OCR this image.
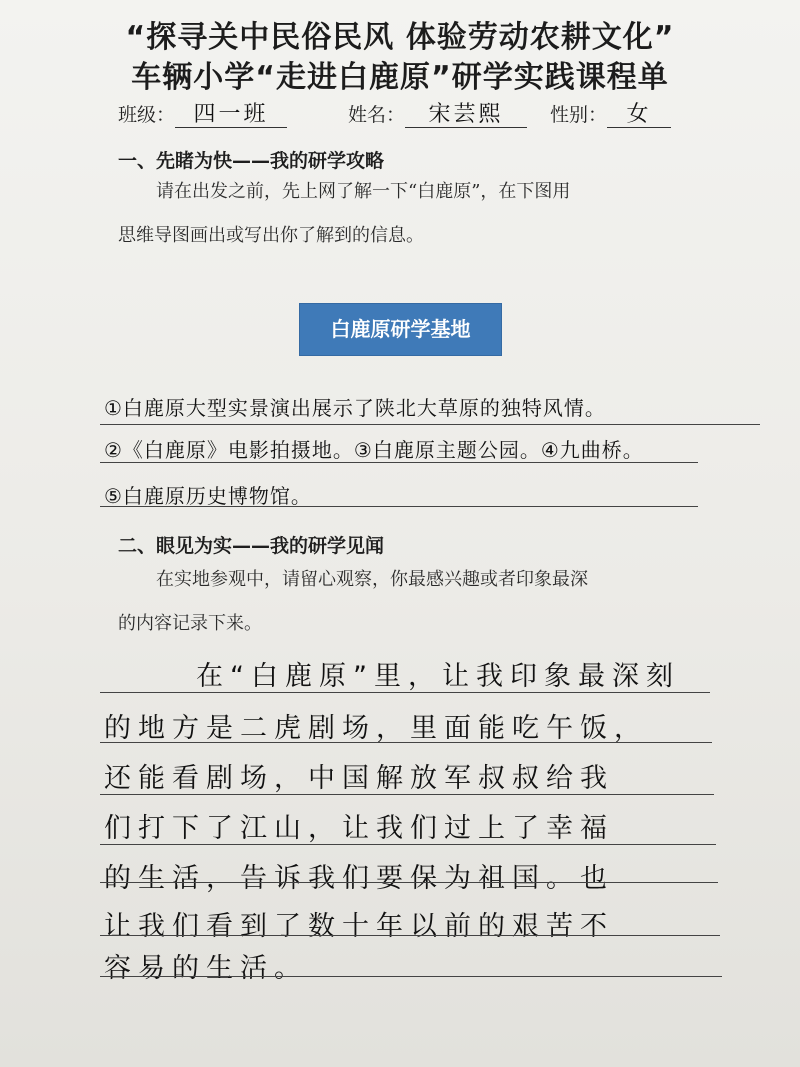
“探寻关中民俗民风 体验劳动农耕文化”
车辆小学“走进白鹿原”研学实践课程单
班级： 四一班	姓名： 宋芸熙	性别： 女
一、先睹为快——我的研学攻略
请在出发之前，先上网了解一下“白鹿原”，在下图用
思维导图画出或写出你了解到的信息。
白鹿原研学基地
①白鹿原大型实景演出展示了陕北大草原的独特风情。
②《白鹿原》电影拍摄地。③白鹿原主题公园。④九曲桥。
⑤白鹿原历史博物馆。
二、眼见为实——我的研学见闻
在实地参观中，请留心观察，你最感兴趣或者印象最深
的内容记录下来。
在“白鹿原”里，让我印象最深刻
的地方是二虎剧场，里面能吃午饭，
还能看剧场，中国解放军叔叔给我
们打下了江山，让我们过上了幸福
的生活，告诉我们要保为祖国。也
让我们看到了数十年以前的艰苦不
容易的生活。
